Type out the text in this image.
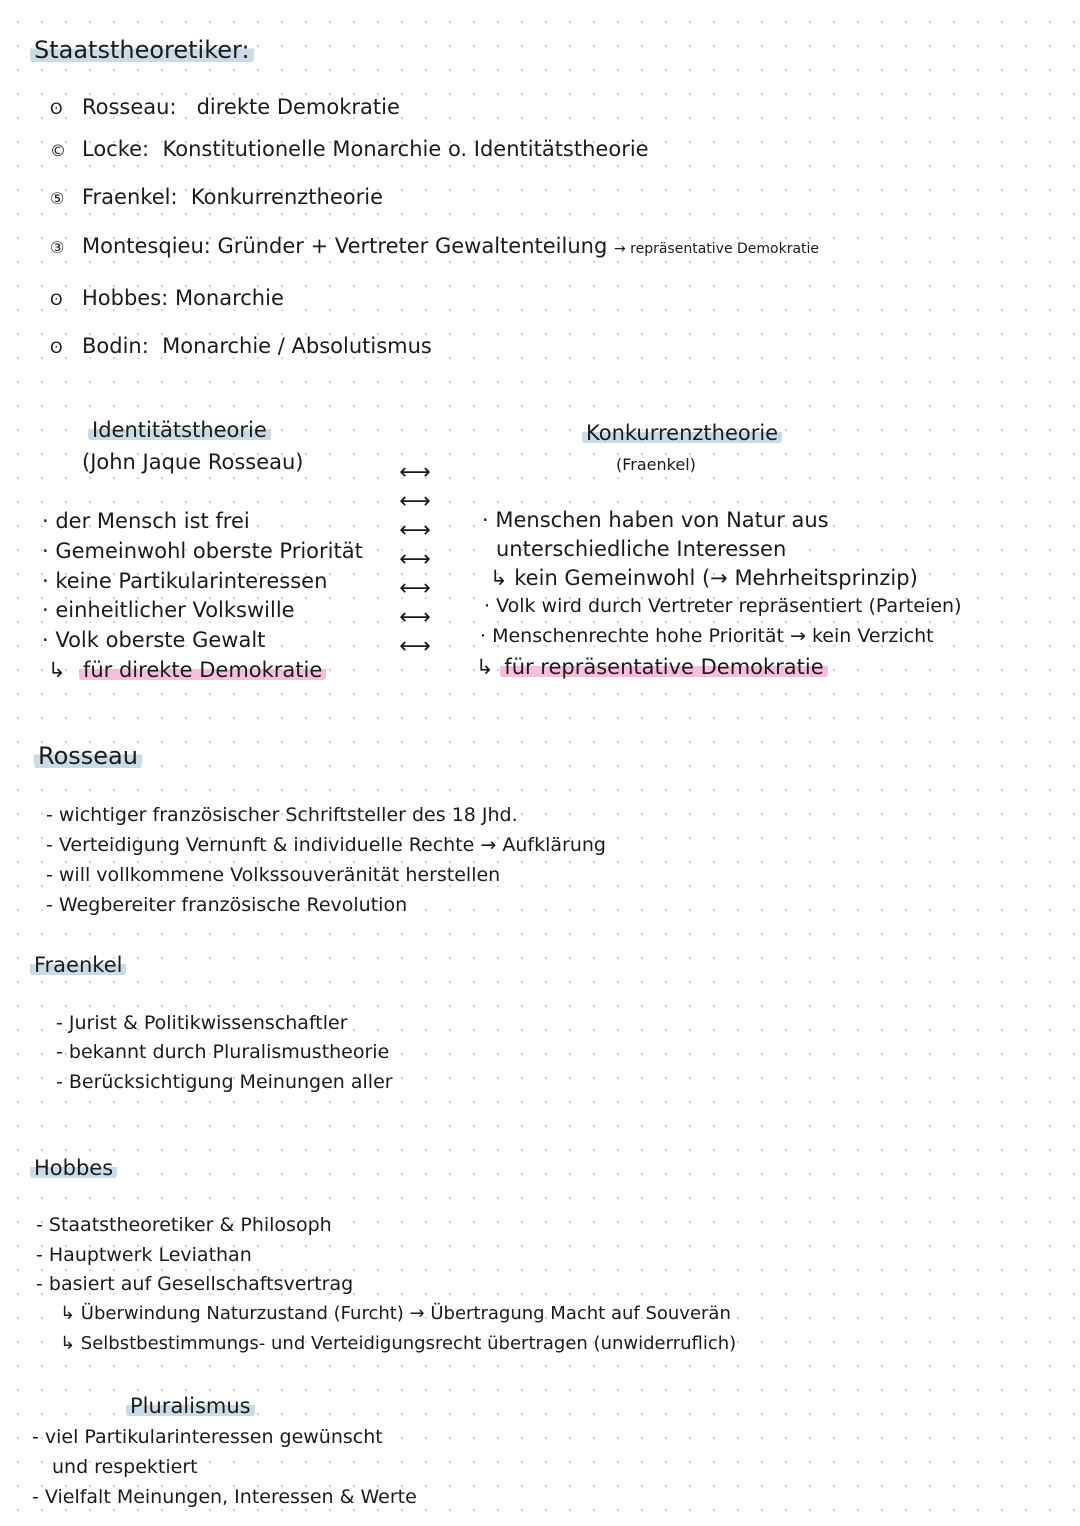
Staatstheoretiker:
ʘ Rosseau: direkte Demokratie
© Locke: Konstitutionelle Monarchie o. Identitätstheorie
⑤ Fraenkel: Konkurrenztheorie
③ Montesqieu: Gründer + Vertreter Gewaltenteilung → repräsentative Demokratie
ʘ Hobbes: Monarchie
ʘ Bodin: Monarchie / Absolutismus
Identitätstheorie
(John Jaque Rosseau)
· der Mensch ist frei
· Gemeinwohl oberste Priorität
· keine Partikularinteressen
· einheitlicher Volkswille
· Volk oberste Gewalt
↳ für direkte Demokratie
⟷
⟷
⟷
⟷
⟷
⟷
⟷
Konkurrenztheorie
(Fraenkel)
· Menschen haben von Natur aus
unterschiedliche Interessen
↳ kein Gemeinwohl (→ Mehrheitsprinzip)
· Volk wird durch Vertreter repräsentiert (Parteien)
· Menschenrechte hohe Priorität → kein Verzicht
↳ für repräsentative Demokratie
Rosseau
- wichtiger französischer Schriftsteller des 18 Jhd.
- Verteidigung Vernunft & individuelle Rechte → Aufklärung
- will vollkommene Volkssouveränität herstellen
- Wegbereiter französische Revolution
Fraenkel
- Jurist & Politikwissenschaftler
- bekannt durch Pluralismustheorie
- Berücksichtigung Meinungen aller
Hobbes
- Staatstheoretiker & Philosoph
- Hauptwerk Leviathan
- basiert auf Gesellschaftsvertrag
↳ Überwindung Naturzustand (Furcht) → Übertragung Macht auf Souverän
↳ Selbstbestimmungs- und Verteidigungsrecht übertragen (unwiderruflich)
Pluralismus
- viel Partikularinteressen gewünscht
und respektiert
- Vielfalt Meinungen, Interessen & Werte
